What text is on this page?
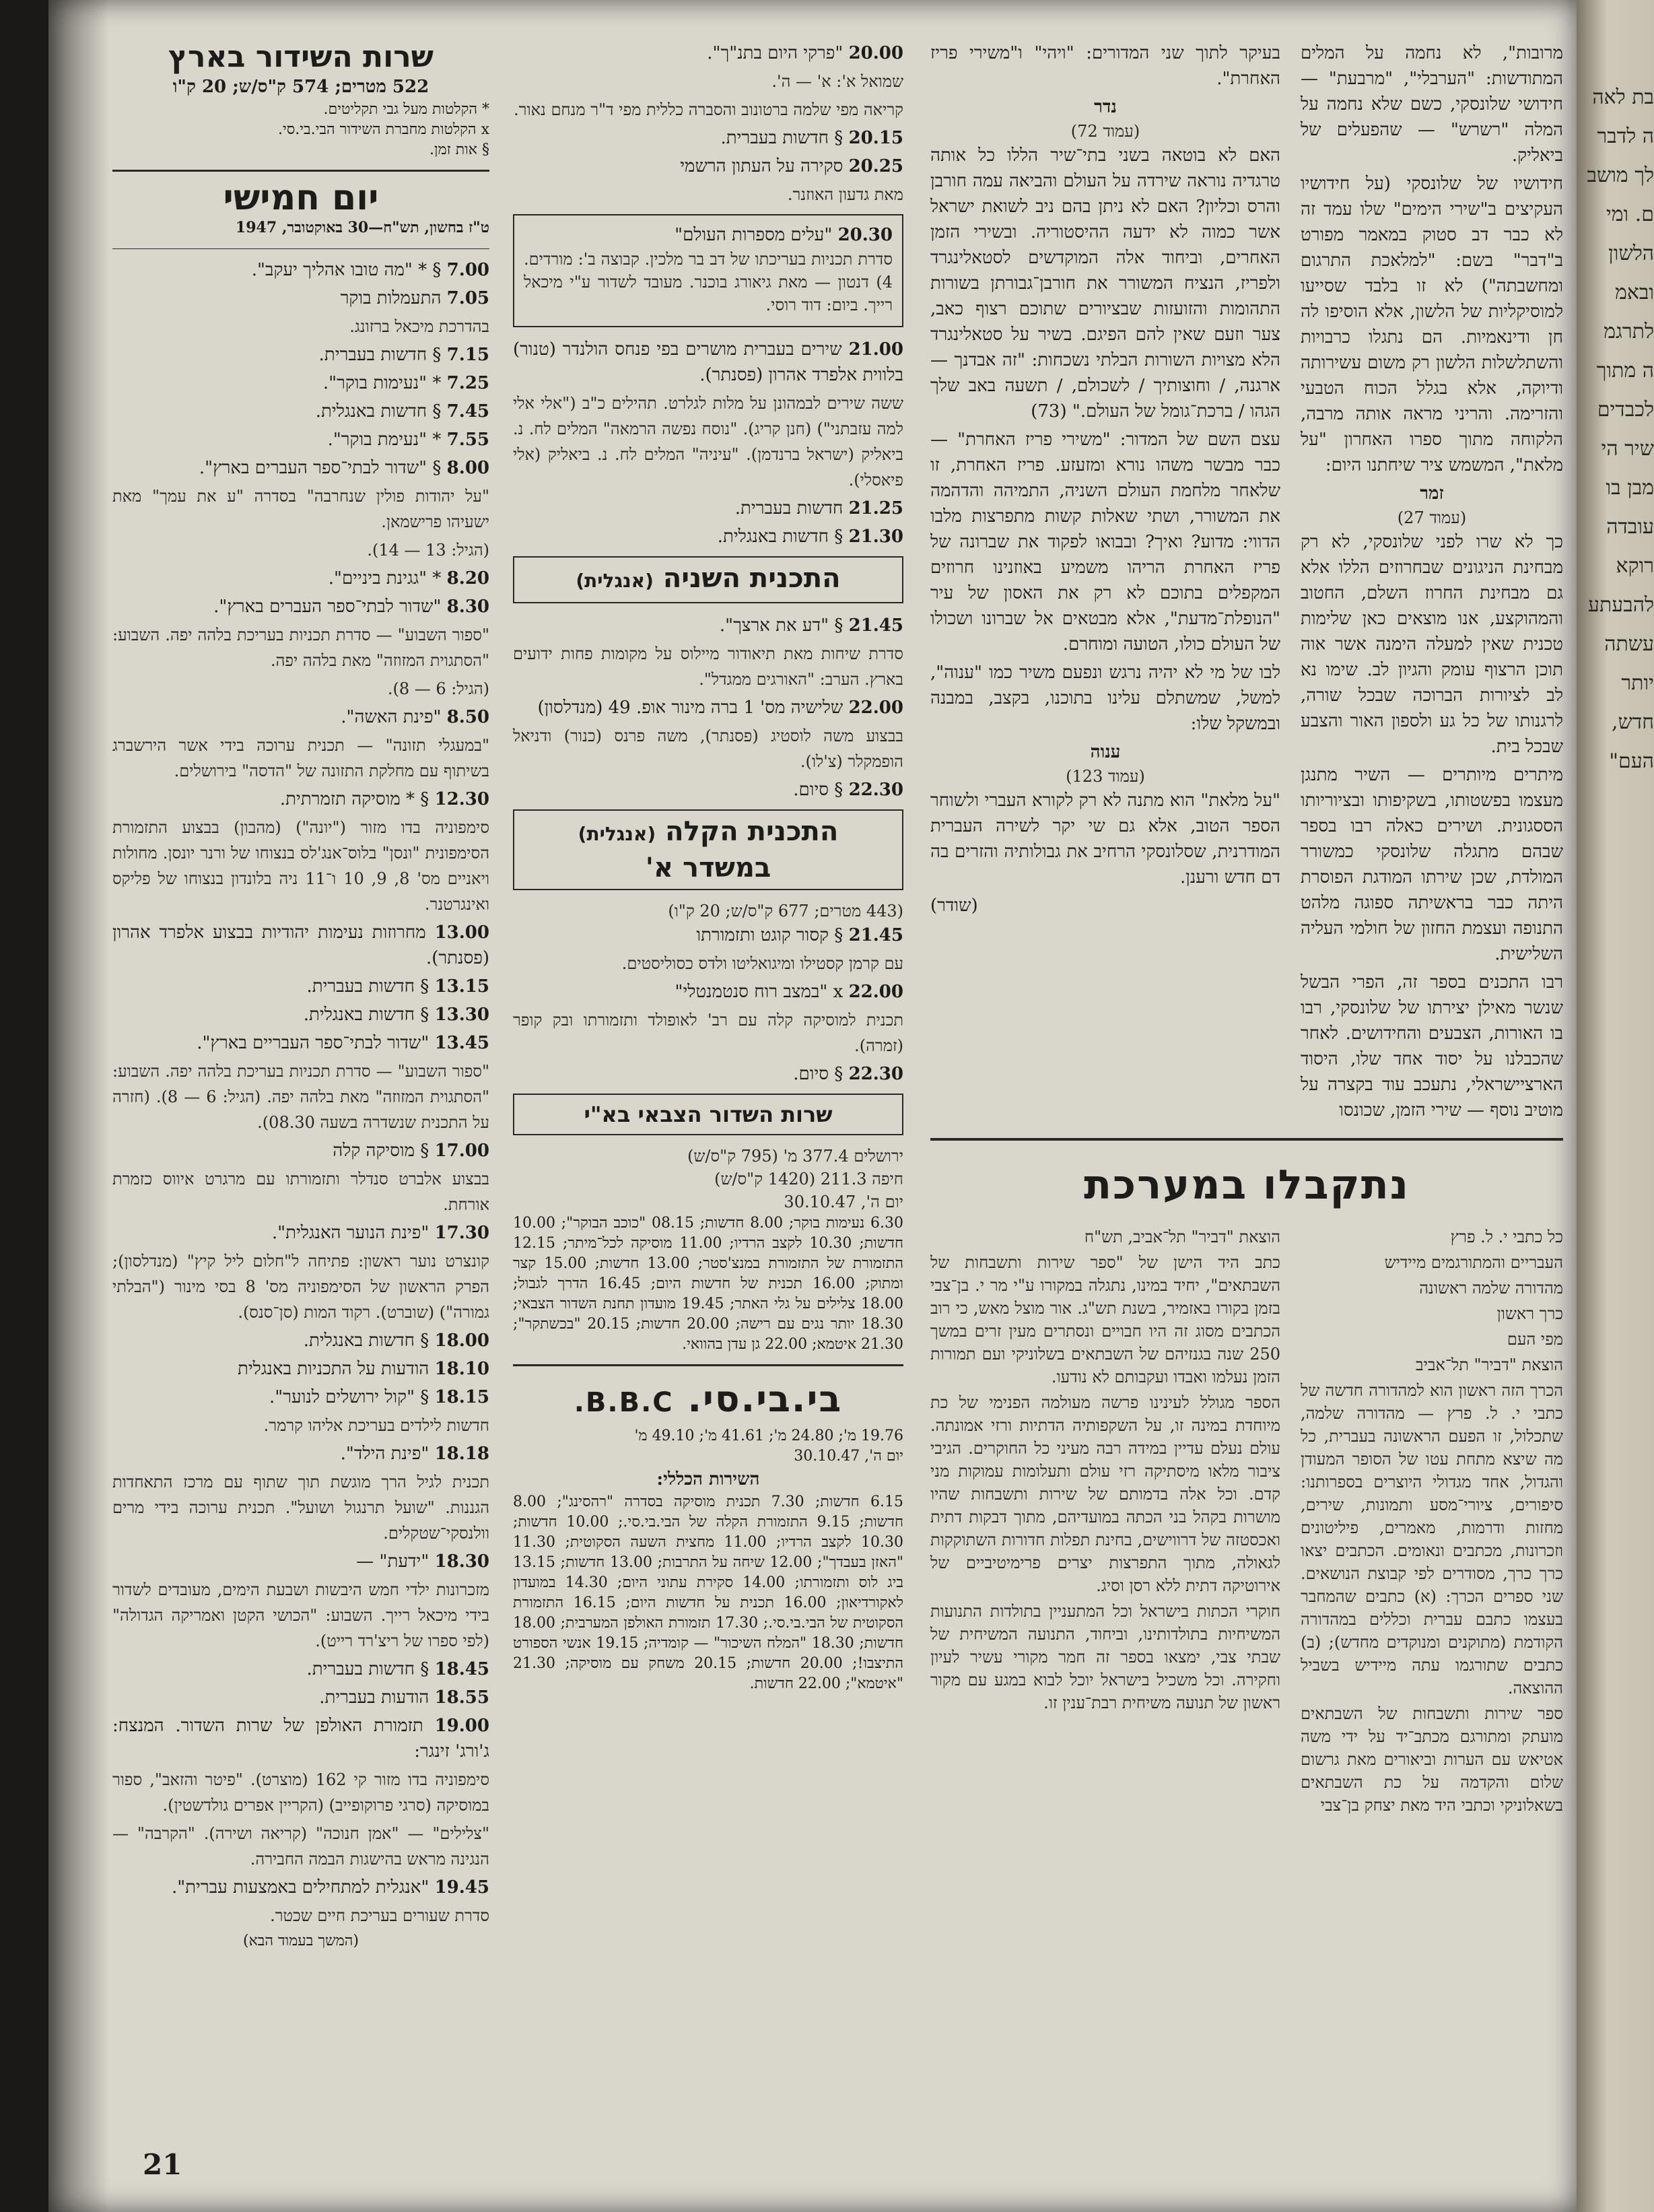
בת לאה
ה לדבר
לך מושב
ם. ומי
הלשון
ובאמ
לתרגמ
ה מתוך
לכבדים
שיר הי
מבן בו
עובדה
רוקא
להבעתע
עשתה
יותר
חדש,
העם"
שרות השידור בארץ
522 מטרים; 574 ק"ס/ש; 20 ק"ו

* הקלטות מעל גבי תקליטים.

x הקלטות מחברת השידור הבי.בי.סי.

§ אות זמן.

יום חמישי
ט"ז בחשון, תש"ח—30 באוקטובר, 1947

7.00 § * "מה טובו אהליך יעקב".

7.05 התעמלות בוקר

בהדרכת מיכאל ברזונג.

7.15 § חדשות בעברית.

7.25 * "נעימות בוקר".

7.45 § חדשות באנגלית.

7.55 * "נעימת בוקר".

8.00 § "שדור לבתי־ספר העברים בארץ".

"על יהודות פולין שנחרבה" בסדרה "ע את עמך" מאת ישעיהו פרישמאן.

(הגיל: 13 — 14).

8.20 * "גגינת ביניים".

8.30 "שדור לבתי־ספר העברים בארץ".

"ספור השבוע" — סדרת תכניות בעריכת בלהה יפה. השבוע: "הסתגוית המזוזה" מאת בלהה יפה.

(הגיל: 6 — 8).

8.50 "פינת האשה".

"במעגלי תזונה" — תכנית ערוכה בידי אשר הירשברג בשיתוף עם מחלקת התזונה של "הדסה" בירושלים.

12.30 § * מוסיקה תזמרתית.

סימפוניה בדו מזור ("יונה") (מהבון) בבצוע התזמורת הסימפונית "ונסן" בלוס־אנג'לס בנצוחו של ורנר יונסן. מחולות ויאניים מס' 8, 9, 10 ו־11 ניה בלונדון בנצוחו של פליקס ואינגרטנר.

13.00 מחרוזות נעימות יהודיות בבצוע אלפרד אהרון (פסנתר).

13.15 § חדשות בעברית.

13.30 § חדשות באנגלית.

13.45 "שדור לבתי־ספר העבריים בארץ".

"ספור השבוע" — סדרת תכניות בעריכת בלהה יפה. השבוע: "הסתגוית המזוזה" מאת בלהה יפה. (הגיל: 6 — 8). (חזרה על התכנית שנשדרה בשעה 08.30).

17.00 § מוסיקה קלה

בבצוע אלברט סנדלר ותזמורתו עם מרגרט איווס כזמרת אורחת.

17.30 "פינת הנוער האנגלית".

קונצרט נוער ראשון: פתיחה ל"חלום ליל קיץ" (מנדלסון); הפרק הראשון של הסימפוניה מס' 8 בסי מינור ("הבלתי גמורה") (שוברט). רקוד המות (סן־סנס).

18.00 § חדשות באנגלית.

18.10 הודעות על התכניות באנגלית

18.15 § "קול ירושלים לנוער".

חדשות לילדים בעריכת אליהו קרמר.

18.18 "פינת הילד".

תכנית לגיל הרך מוגשת תוך שתוף עם מרכז התאחדות הגננות. "שועל תרנגול ושועל". תכנית ערוכה בידי מרים וולנסקי־שטקלים.

18.30 "ידעת" —

מזכרונות ילדי חמש היבשות ושבעת הימים, מעובדים לשדור בידי מיכאל רייך. השבוע: "הכושי הקטן ואמריקה הגדולה" (לפי ספרו של ריצ'רד רייט).

18.45 § חדשות בעברית.

18.55 הודעות בעברית.

19.00 תזמורת האולפן של שרות השדור. המנצח: ג'ורג' זינגר:

סימפוניה בדו מזור קי 162 (מוצרט). "פיטר והזאב", ספור במוסיקה (סרגי פרוקופייב) (הקריין אפרים גולדשטין).

"צלילים" — "אמן חנוכה" (קריאה ושירה). "הקרבה" — הנגינה מראש בהישגות הבמה החבירה.

19.45 "אנגלית למתחילים באמצעות עברית".

סדרת שעורים בעריכת חיים שכטר.

(המשך בעמוד הבא)

20.00 "פרקי היום בתנ"ך".

שמואל א': א' — ה'.

קריאה מפי שלמה ברטונוב והסברה כללית מפי ד"ר מנחם נאור.

20.15 § חדשות בעברית.

20.25 סקירה על העתון הרשמי

מאת גדעון האוזנר.

20.30 "עלים מספרות העולם"

סדרת תכניות בעריכתו של דב בר מלכין. קבוצה ב': מורדים. 4) דנטון — מאת גיאורג בוכנר. מעובד לשדור ע"י מיכאל רייך. ביום: דוד רוסי.

21.00 שירים בעברית מושרים בפי פנחס הולנדר (טנור) בלווית אלפרד אהרון (פסנתר).

ששה שירים לבמהונן על מלות לגלרט. תהילים כ"ב ("אלי אלי למה עזבתני") (חנן קריג). "נוסח נפשה הרמאה" המלים לח. נ. ביאליק (ישראל ברנדמן). "עיניה" המלים לח. נ. ביאליק (אלי פיאסלי).

21.25 חדשות בעברית.

21.30 § חדשות באנגלית.

התכנית השניה (אנגלית)

21.45 § "דע את ארצך".

סדרת שיחות מאת תיאודור מיילוס על מקומות פחות ידועים בארץ. הערב: "האורגים ממגדל".

22.00 שלישיה מס' 1 ברה מינור אופ. 49 (מנדלסון)

בבצוע משה לוסטיג (פסנתר), משה פרנס (כנור) ודניאל הופמקלר (צ'לו).

22.30 § סיום.

התכנית הקלה (אנגלית)
במשדר א'
(443 מטרים; 677 ק"ס/ש; 20 ק"ו)

21.45 § קסור קוגט ותזמורתו

עם קרמן קסטילו ומיגואליטו ולדס כסוליסטים.

22.00 x "במצב רוח סנטמנטלי"

תכנית למוסיקה קלה עם רב' לאופולד ותזמורתו ובק קופר (זמרה).

22.30 § סיום.

שרות השדור הצבאי בא"י

ירושלים 377.4 מ' (795 ק"ס/ש)

חיפה 211.3 (1420 ק"ס/ש)

יום ה', 30.10.47

6.30 נעימות בוקר; 8.00 חדשות; 08.15 "כוכב הבוקר"; 10.00 חדשות; 10.30 לקצב הרדיו; 11.00 מוסיקה לכל־מיתר; 12.15 התזמורת של התזמורת במנצ'סטר; 13.00 חדשות; 15.00 קצר ומתוק; 16.00 תכנית של חדשות היום; 16.45 הדרך לגבול; 18.00 צלילים על גלי האתר; 19.45 מועדון תחנת השדור הצבאי; 18.30 יותר נגים עם רישה; 20.00 חדשות; 20.15 "בכשתקר"; 21.30 איטמא; 22.00 גן עדן בהוואי.

בי.בי.סי. B.B.C.
19.76 מ'; 24.80 מ'; 41.61 מ'; 49.10 מ'
יום ה', 30.10.47
השירות הכללי:

6.15 חדשות; 7.30 תכנית מוסיקה בסדרה "רהסינג"; 8.00 חדשות; 9.15 התזמורת הקלה של הבי.בי.סי.; 10.00 חדשות; 10.30 לקצב הרדיו; 11.00 מחצית השעה הסקוטית; 11.30 "האזן בעבדך"; 12.00 שיחה על התרבות; 13.00 חדשות; 13.15 ביג לוס ותזמורתו; 14.00 סקירת עתוני היום; 14.30 במועדון לאקורדיאון; 16.00 תכנית על חדשות היום; 16.15 התזמורת הסקוטית של הבי.בי.סי.; 17.30 תזמורת האולפן המערבית; 18.00 חדשות; 18.30 "המלח השיכור" — קומדיה; 19.15 אנשי הספורט התיצבו!; 20.00 חדשות; 20.15 משחק עם מוסיקה; 21.30 "איטמא"; 22.00 חדשות.

בעיקר לתוך שני המדורים: "ויהי" ו"משירי פריז האחרת".

נדר
(עמוד 72)

האם לא בוטאה בשני בתי־שיר הללו כל אותה טרגדיה נוראה שירדה על העולם והביאה עמה חורבן והרס וכליון? האם לא ניתן בהם ניב לשואת ישראל אשר כמוה לא ידעה ההיסטוריה. ובשירי הזמן האחרים, וביחוד אלה המוקדשים לסטאלינגרד ולפריז, הנציח המשורר את חורבן־גבורתן בשורות התהומות והזועזות שבציורים שתוכם רצוף כאב, צער וזעם שאין להם הפיגם. בשיר על סטאלינגרד הלא מצויות השורות הבלתי נשכחות: "זה אבדנך — ארגנה, / וחוצותיך / לשכולם, / תשעה באב שלך הגהו / ברכת־גומל של העולם." (73)

עצם השם של המדור: "משירי פריז האחרת" — כבר מבשר משהו נורא ומזעזע. פריז האחרת, זו שלאחר מלחמת העולם השניה, התמיהה והדהמה את המשורר, ושתי שאלות קשות מתפרצות מלבו הדווי: מדוע? ואיך? ובבואו לפקוד את שברונה של פריז האחרת הריהו משמיע באוזנינו חרוזים המקפלים בתוכם לא רק את האסון של עיר "הנופלת־מדעת", אלא מבטאים אל שברונו ושכולו של העולם כולו, הטועה ומוחרם.

לבו של מי לא יהיה נרגש ונפעם משיר כמו "ענוה", למשל, שמשתלם עלינו בתוכנו, בקצב, במבנה ובמשקל שלו:

ענוה
(עמוד 123)

"על מלאת" הוא מתנה לא רק לקורא העברי ולשוחר הספר הטוב, אלא גם שי יקר לשירה העברית המודרנית, שסלונסקי הרחיב את גבולותיה והזרים בה דם חדש ורענן.

(שודר)

מרובות", לא נחמה על המלים המתודשות: "הערבלי", "מרבעת" — חידושי שלונסקי, כשם שלא נחמה על המלה "רשרש" — שהפעלים של ביאליק.

חידושיו של שלונסקי (על חידושיו העקיצים ב"שירי הימים" שלו עמד זה לא כבר דב סטוק במאמר מפורט ב"דבר" בשם: "למלאכת התרגום ומחשבתה") לא זו בלבד שסייעו למוסיקליות של הלשון, אלא הוסיפו לה חן ודינאמיות. הם נתגלו כרבויות והשתלשלות הלשון רק משום עשירותה ודיוקה, אלא בגלל הכוח הטבעי והזרימה. והריני מראה אותה מרבה, הלקוחה מתוך ספרו האחרון "על מלאת", המשמש ציר שיחתנו היום:

זמר
(עמוד 27)

כך לא שרו לפני שלונסקי, לא רק מבחינת הניגונים שבחרוזים הללו אלא גם מבחינת החרוז השלם, החטוב והמהוקצע, אנו מוצאים כאן שלימות טכנית שאין למעלה הימנה אשר אוה תוכן הרצוף עומק והגיון לב. שימו נא לב לציורות הברוכה שבכל שורה, לרגנותו של כל גע ולספון האור והצבע שבכל בית.

מיתרים מיותרים — השיר מתנגן מעצמו בפשטותו, בשקיפותו ובציוריותו הססגונית. ושירים כאלה רבו בספר שבהם מתגלה שלונסקי כמשורר המולדת, שכן שירתו המודגת הפוסרת היתה כבר בראשיתה ספוגה מלהט התנופה ועצמת החזון של חולמי העליה השלישית.

רבו התכנים בספר זה, הפרי הבשל שנשר מאילן יצירתו של שלונסקי, רבו בו האורות, הצבעים והחידושים. לאחר שהכבלנו על יסוד אחד שלו, היסוד הארציישראלי, נתעכב עוד בקצרה על מוטיב נוסף — שירי הזמן, שכונסו

נתקבלו במערכת

כל כתבי י. ל. פרץ

העבריים והמתורגמים מיידיש

מהדורה שלמה ראשונה

כרך ראשון

מפי העם

הוצאת "דביר" תל־אביב

הכרך הזה ראשון הוא למהדורה חדשה של כתבי י. ל. פרץ — מהדורה שלמה, שתכלול, זו הפעם הראשונה בעברית, כל מה שיצא מתחת עטו של הסופר המעודן והגדול, אחד מגדולי היוצרים בספרותנו: סיפורים, ציורי־מסע ותמונות, שירים, מחזות ודרמות, מאמרים, פיליטונים וזכרונות, מכתבים ונאומים. הכתבים יצאו כרך כרך, מסודרים לפי קבוצת הנושאים. שני ספרים הכרך: (א) כתבים שהמחבר בעצמו כתבם עברית וכללים במהדורה הקודמת (מתוקנים ומנוקדים מחדש); (ב) כתבים שתורגמו עתה מיידיש בשביל ההוצאה.

ספר שירות ותשבחות של השבתאים מועתק ומתורגם מכתב־יד על ידי משה אטיאש עם הערות וביאורים מאת גרשום שלום והקדמה על כת השבתאים בשאלוניקי וכתבי היד מאת יצחק בן־צבי

הוצאת "דביר" תל־אביב, תש"ח

כתב היד הישן של "ספר שירות ותשבחות של השבתאים", יחיד במינו, נתגלה במקורו ע"י מר י. בן־צבי בזמן בקורו באזמיר, בשנת תש"ג. אור מוצל מאש, כי רוב הכתבים מסוג זה היו חבויים ונסתרים מעין זרים במשך 250 שנה בגנזיהם של השבתאים בשלוניקי ועם תמורות הזמן נעלמו ואבדו ועקבותם לא נודעו.

הספר מגולל לעינינו פרשה מעולמה הפנימי של כת מיוחדת במינה זו, על השקפותיה הדתיות ורזי אמונתה. עולם נעלם עדיין במידה רבה מעיני כל החוקרים. הגיבי ציבור מלאו מיסתיקה רזי עולם ותעלומות עמוקות מני קדם. וכל אלה בדמותם של שירות ותשבחות שהיו מושרות בקהל בני הכתה במועדיהם, מתוך דבקות דתית ואכסטזה של דרווישים, בחינת תפלות חדורות השתוקקות לגאולה, מתוך התפרצות יצרים פרימיטיביים של אירוטיקה דתית ללא רסן וסיג.

חוקרי הכתות בישראל וכל המתעניין בתולדות התנועות המשיחיות בתולדותינו, וביחוד, התנועה המשיחית של שבתי צבי, ימצאו בספר זה חמר מקורי עשיר לעיון וחקירה. וכל משכיל בישראל יוכל לבוא במגע עם מקור ראשון של תנועה משיחית רבת־ענין זו.

21
